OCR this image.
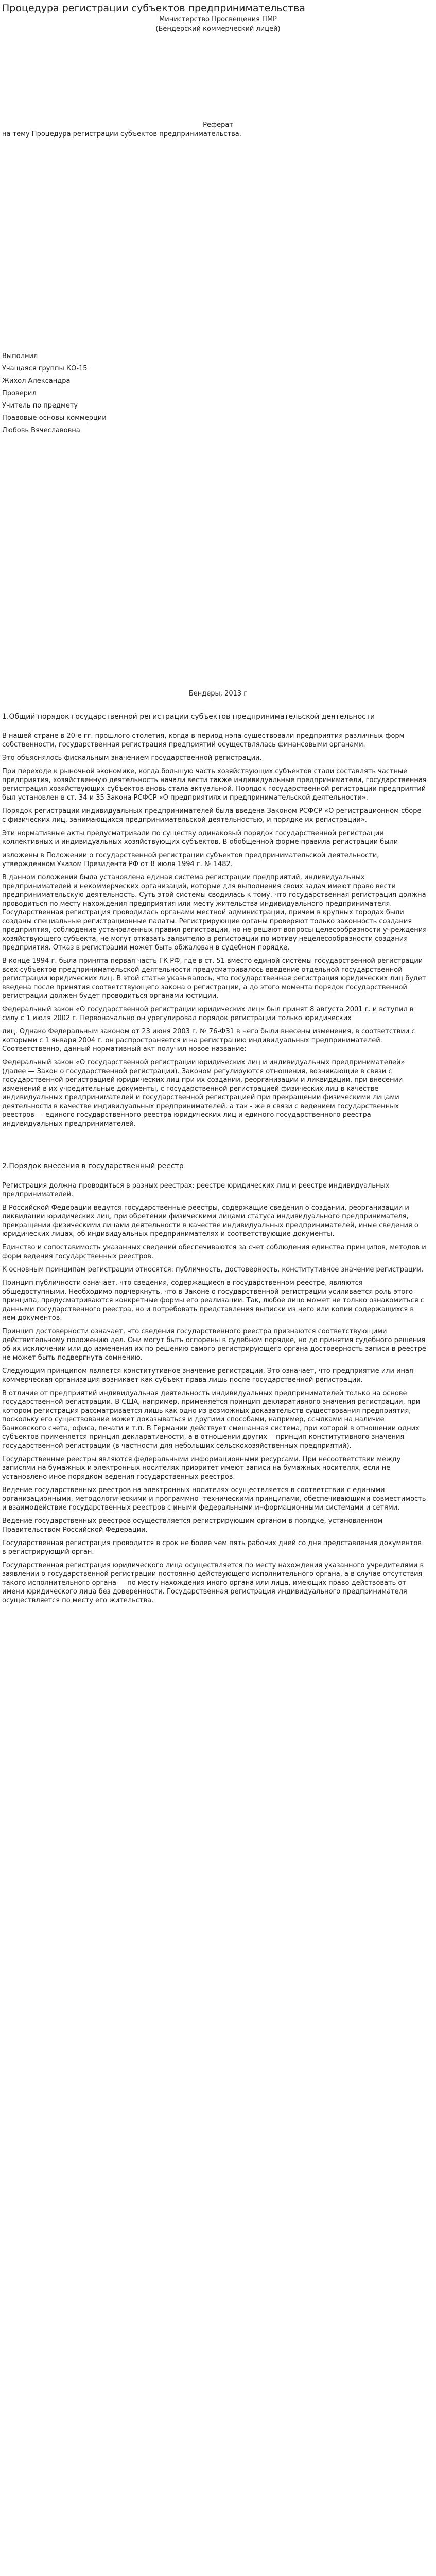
Процедура регистрации субъектов предпринимательства
Министерство Просвещения ПМР
(Бендерский коммерческий лицей)
Реферат
на тему Процедура регистрации субъектов предпринимательства.
Выполнил
Учащаяся группы КО-15
Жихол Александра
Проверил
Учитель по предмету
Правовые основы коммерции
Любовь Вячеславовна
Бендеры, 2013 г
1.Общий порядок государственной регистрации субъектов предпринимательской деятельности

В нашей стране в 20-е гг. прошлого столетия, когда в период нэпа существовали предприятия различных форм собственности, государственная регистрация предприятий осуществлялась финансовыми органами.

Это объяснялось фискальным значением государственной регистрации.

При переходе к рыночной экономике, когда большую часть хозяйствующих субъектов стали составлять частные предприятия, хозяйственную деятельность начали вести также индивидуальные предприниматели, государственная регистрация хозяйствующих субъектов вновь стала актуальной. Порядок государственной регистрации предприятий был установлен в ст. 34 и 35 Закона РСФСР «О предприятиях и предпринимательской деятельности».

Порядок регистрации индивидуальных предпринимателей была введена Законом РСФСР «О регистрационном сборе с физических лиц, занимающихся предпринимательской деятельностью, и порядке их регистрации».

Эти нормативные акты предусматривали по существу одинаковый порядок государственной регистрации коллективных и индивидуальных хозяйствующих субъектов. В обобщенной форме правила регистрации были

изложены в Положении о государственной регистрации субъектов предпринимательской деятельности, утвержденном Указом Президента РФ от 8 июля 1994 г. № 1482.

В данном положении была установлена единая система регистрации предприятий, индивидуальных предпринимателей и некоммерческих организаций, которые для выполнения своих задач имеют право вести предпринимательскую деятельность. Суть этой системы сводилась к тому, что государственная регистрация должна проводиться по месту нахождения предприятия или месту жительства индивидуального предпринимателя. Государственная регистрация проводилась органами местной администрации, причем в крупных городах были созданы специальные регистрационные палаты. Регистрирующие органы проверяют только законность создания предприятия, соблюдение установленных правил регистрации, но не решают вопросы целесообразности учреждения хозяйствующего субъекта, не могут отказать заявителю в регистрации по мотиву нецелесообразности создания предприятия. Отказ в регистрации может быть обжалован в судебном порядке.

В конце 1994 г. была принята первая часть ГК РФ, где в ст. 51 вместо единой системы государственной регистрации всех субъектов предпринимательской деятельности предусматривалось введение отдельной государственной регистрации юридических лиц. В этой статье указывалось, что государственная регистрация юридических лиц будет введена после принятия соответствующего закона о регистрации, а до этого момента порядок государственной регистрации должен будет проводиться органами юстиции.

Федеральный закон «О государственной регистрации юридических лиц» был принят 8 августа 2001 г. и вступил в силу с 1 июля 2002 г. Первоначально он урегулировал порядок регистрации только юридических

лиц. Однако Федеральным законом от 23 июня 2003 г. № 76-ФЗ1 в него были внесены изменения, в соответствии с которыми с 1 января 2004 г. он распространяется и на регистрацию индивидуальных предпринимателей. Соответственно, данный нормативный акт получил новое название:

Федеральный закон «О государственной регистрации юридических лиц и индивидуальных предпринимателей» (далее — Закон о государственной регистрации). Законом регулируются отношения, возникающие в связи с государственной регистрацией юридических лиц при их создании, реорганизации и ликвидации, при внесении изменений в их учредительные документы, с государственной регистрацией физических лиц в качестве индивидуальных предпринимателей и государственной регистрацией при прекращении физическими лицами деятельности в качестве индивидуальных предпринимателей, а так - же в связи с ведением государственных реестров — единого государственного реестра юридических лиц и единого государственного реестра индивидуальных предпринимателей.

2.Порядок внесения в государственный реестр

Регистрация должна проводиться в разных реестрах: реестре юридических лиц и реестре индивидуальных предпринимателей.

В Российской Федерации ведутся государственные реестры, содержащие сведения о создании, реорганизации и ликвидации юридических лиц, при обретении физическими лицами статуса индивидуального предпринимателя, прекращении физическими лицами деятельности в качестве индивидуальных предпринимателей, иные сведения о юридических лицах, об индивидуальных предпринимателях и соответствующие документы.

Единство и сопоставимость указанных сведений обеспечиваются за счет соблюдения единства принципов, методов и форм ведения государственных реестров.

К основным принципам регистрации относятся: публичность, достоверность, конститутивное значение регистрации.

Принцип публичности означает, что сведения, содержащиеся в государственном реестре, являются общедоступными. Необходимо подчеркнуть, что в Законе о государственной регистрации усиливается роль этого принципа, предусматриваются конкретные формы его реализации. Так, любое лицо может не только ознакомиться с данными государственного реестра, но и потребовать представления выписки из него или копии содержащихся в нем документов.

Принцип достоверности означает, что сведения государственного реестра признаются соответствующими действительному положению дел. Они могут быть оспорены в судебном порядке, но до принятия судебного решения об их исключении или до изменения их по решению самого регистрирующего органа достоверность записи в реестре не может быть подвергнута сомнению.

Следующим принципом является конститутивное значение регистрации. Это означает, что предприятие или иная коммерческая организация возникает как субъект права лишь после государственной регистрации.

В отличие от предприятий индивидуальная деятельность индивидуальных предпринимателей только на основе государственной регистрации. В США, например, применяется принцип декларативного значения регистрации, при котором регистрация рассматривается лишь как одно из возможных доказательств существования предприятия, поскольку его существование может доказываться и другими способами, например, ссылками на наличие банковского счета, офиса, печати и т.п. В Германии действует смешанная система, при которой в отношении одних субъектов применяется принцип декларативности, а в отношении других —принцип конститутивного значения государственной регистрации (в частности для небольших сельскохозяйственных предприятий).

Государственные реестры являются федеральными информационными ресурсами. При несоответствии между записями на бумажных и электронных носителях приоритет имеют записи на бумажных носителях, если не установлено иное порядком ведения государственных реестров.

Ведение государственных реестров на электронных носителях осуществляется в соответствии с едиными организационными, методологическими и программно -техническими принципами, обеспечивающими совместимость и взаимодействие государственных реестров с иными федеральными информационными системами и сетями.

Ведение государственных реестров осуществляется регистрирующим органом в порядке, установленном Правительством Российской Федерации.

Государственная регистрация проводится в срок не более чем пять рабочих дней со дня представления документов в регистрирующий орган.

Государственная регистрация юридического лица осуществляется по месту нахождения указанного учредителями в заявлении о государственной регистрации постоянно действующего исполнительного органа, а в случае отсутствия такого исполнительного органа — по месту нахождения иного органа или лица, имеющих право действовать от имени юридического лица без доверенности. Государственная регистрация индивидуального предпринимателя осуществляется по месту его жительства.
